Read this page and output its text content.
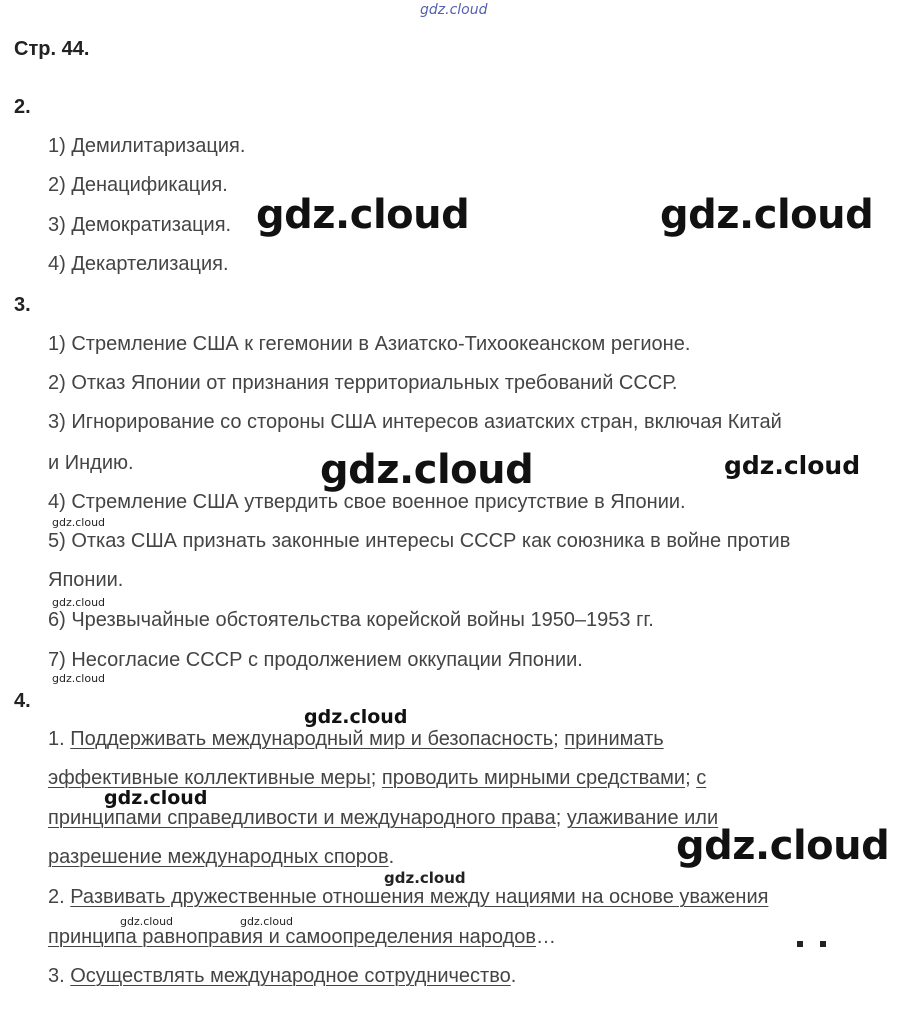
gdz.cloud
Стр. 44.
2.
1) Демилитаризация.
2) Денацификация.
3) Демократизация.
4) Декартелизация.
3.
1) Стремление США к гегемонии в Азиатско-Тихоокеанском регионе.
2) Отказ Японии от признания территориальных требований СССР.
3) Игнорирование со стороны США интересов азиатских стран, включая Китай
и Индию.
4) Стремление США утвердить свое военное присутствие в Японии.
5) Отказ США признать законные интересы СССР как союзника в войне против
Японии.
6) Чрезвычайные обстоятельства корейской войны 1950–1953 гг.
7) Несогласие СССР с продолжением оккупации Японии.
4.
1. Поддерживать международный мир и безопасность; принимать
эффективные коллективные меры; проводить мирными средствами; с
принципами справедливости и международного права; улаживание или
разрешение международных споров.
2. Развивать дружественные отношения между нациями на основе уважения
принципа равноправия и самоопределения народов…
3. Осуществлять международное сотрудничество.
gdz.cloud	gdz.cloud
gdz.cloud	gdz.cloud
gdz.cloud
gdz.cloud
gdz.cloud
gdz.cloud
gdz.cloud
gdz.cloud
gdz.cloud
gdz.cloud	gdz.cloud
